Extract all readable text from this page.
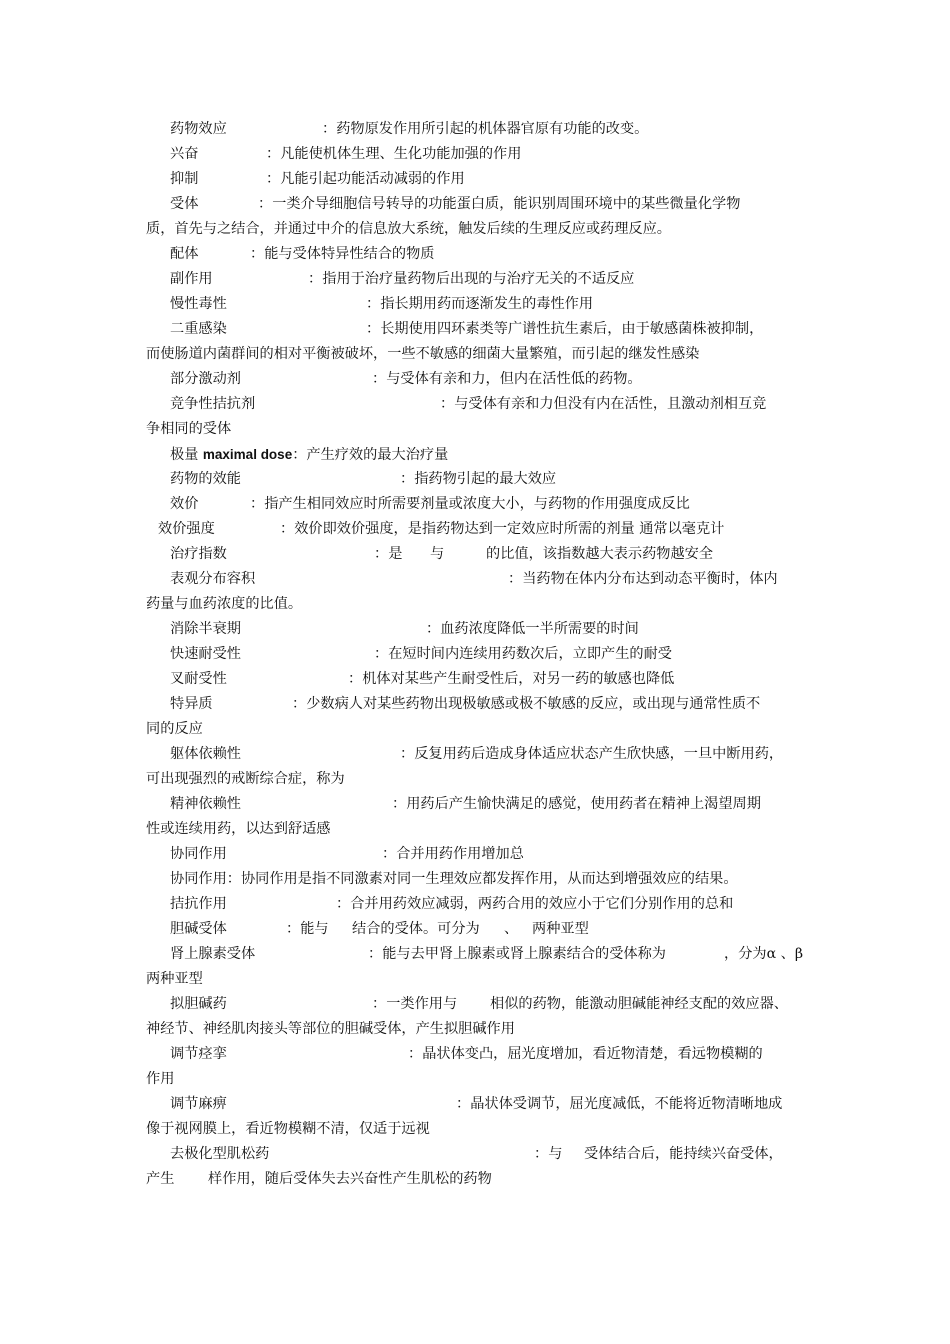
药物效应	：药物原发作用所引起的机体器官原有功能的改变。
兴奋	：凡能使机体生理、生化功能加强的作用
抑制	：凡能引起功能活动减弱的作用
受体	：一类介导细胞信号转导的功能蛋白质，能识别周围环境中的某些微量化学物
质，首先与之结合，并通过中介的信息放大系统，触发后续的生理反应或药理反应。
配体	：能与受体特异性结合的物质
副作用	：指用于治疗量药物后出现的与治疗无关的不适反应
慢性毒性	：指长期用药而逐渐发生的毒性作用
二重感染	：长期使用四环素类等广谱性抗生素后，由于敏感菌株被抑制，
而使肠道内菌群间的相对平衡被破坏，一些不敏感的细菌大量繁殖，而引起的继发性感染
部分激动剂	：与受体有亲和力，但内在活性低的药物。
竞争性拮抗剂	：与受体有亲和力但没有内在活性，且激动剂相互竞
争相同的受体
极量 maximal dose：产生疗效的最大治疗量
药物的效能	：指药物引起的最大效应
效价	：指产生相同效应时所需要剂量或浓度大小，与药物的作用强度成反比
效价强度	：效价即效价强度，是指药物达到一定效应时所需的剂量 通常以毫克计
治疗指数	：是 与	的比值，该指数越大表示药物越安全
表观分布容积	：当药物在体内分布达到动态平衡时，体内
药量与血药浓度的比值。
消除半衰期	：血药浓度降低一半所需要的时间
快速耐受性	：在短时间内连续用药数次后，立即产生的耐受
叉耐受性	：机体对某些产生耐受性后，对另一药的敏感也降低
特异质	：少数病人对某些药物出现极敏感或极不敏感的反应，或出现与通常性质不
同的反应
躯体依赖性	：反复用药后造成身体适应状态产生欣快感，一旦中断用药，
可出现强烈的戒断综合症，称为
精神依赖性	：用药后产生愉快满足的感觉，使用药者在精神上渴望周期
性或连续用药，以达到舒适感
协同作用	：合并用药作用增加总
协同作用：协同作用是指不同激素对同一生理效应都发挥作用，从而达到增强效应的结果。
拮抗作用	：合并用药效应减弱，两药合用的效应小于它们分别作用的总和
胆碱受体	：能与 结合的受体。可分为 、 两种亚型
肾上腺素受体	：能与去甲肾上腺素或肾上腺素结合的受体称为	，分为α 、β
两种亚型
拟胆碱药	：一类作用与 相似的药物，能激动胆碱能神经支配的效应器、
神经节、神经肌肉接头等部位的胆碱受体，产生拟胆碱作用
调节痉挛	：晶状体变凸，屈光度增加，看近物清楚，看远物模糊的
作用
调节麻痹	：晶状体受调节，屈光度减低，不能将近物清晰地成
像于视网膜上，看近物模糊不清，仅适于远视
去极化型肌松药	：与 受体结合后，能持续兴奋受体，
产生 样作用，随后受体失去兴奋性产生肌松的药物
